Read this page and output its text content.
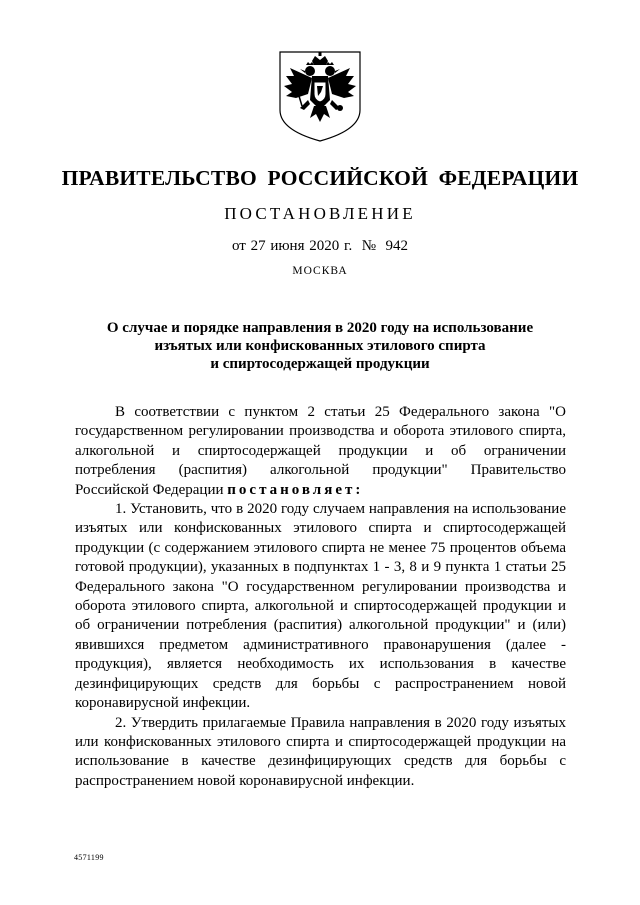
ПРАВИТЕЛЬСТВО РОССИЙСКОЙ ФЕДЕРАЦИИ
ПОСТАНОВЛЕНИЕ
от 27 июня 2020 г.  №  942
МОСКВА
О случае и порядке направления в 2020 году на использование
изъятых или конфискованных этилового спирта
и спиртосодержащей продукции

В соответствии с пунктом 2 статьи 25 Федерального закона "О государственном регулировании производства и оборота этилового спирта, алкогольной и спиртосодержащей продукции и об ограничении потребления (распития) алкогольной продукции" Правительство Российской Федерации постановляет:

1. Установить, что в 2020 году случаем направления на использование изъятых или конфискованных этилового спирта и спиртосодержащей продукции (с содержанием этилового спирта не менее 75 процентов объема готовой продукции), указанных в подпунктах 1 - 3, 8 и 9 пункта 1 статьи 25 Федерального закона "О государственном регулировании производства и оборота этилового спирта, алкогольной и спиртосодержащей продукции и об ограничении потребления (распития) алкогольной продукции" и (или) явившихся предметом административного правонарушения (далее - продукция), является необходимость их использования в качестве дезинфицирующих средств для борьбы с распространением новой коронавирусной инфекции.

2. Утвердить прилагаемые Правила направления в 2020 году изъятых или конфискованных этилового спирта и спиртосодержащей продукции на использование в качестве дезинфицирующих средств для борьбы с распространением новой коронавирусной инфекции.

4571199
